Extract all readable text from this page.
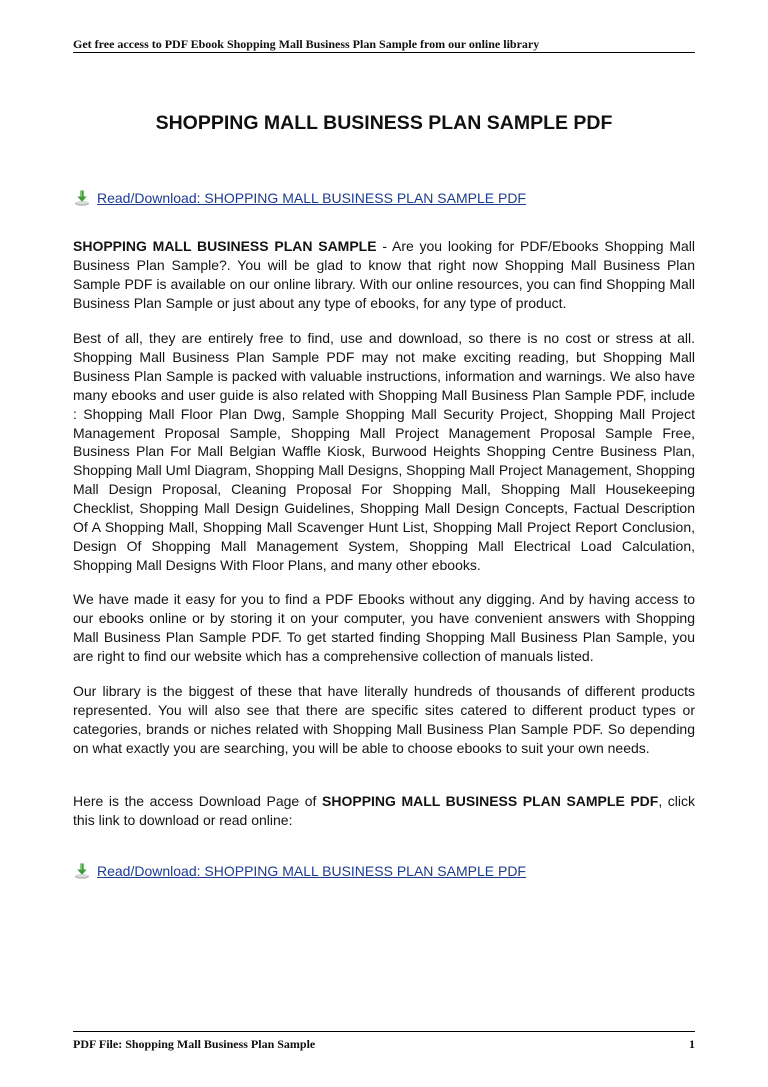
Get free access to PDF Ebook Shopping Mall Business Plan Sample from our online library
SHOPPING MALL BUSINESS PLAN SAMPLE PDF
Read/Download: SHOPPING MALL BUSINESS PLAN SAMPLE PDF

SHOPPING MALL BUSINESS PLAN SAMPLE - Are you looking for PDF/Ebooks Shopping Mall Business Plan Sample?. You will be glad to know that right now Shopping Mall Business Plan Sample PDF is available on our online library. With our online resources, you can find Shopping Mall Business Plan Sample or just about any type of ebooks, for any type of product.

Best of all, they are entirely free to find, use and download, so there is no cost or stress at all. Shopping Mall Business Plan Sample PDF may not make exciting reading, but Shopping Mall Business Plan Sample is packed with valuable instructions, information and warnings. We also have many ebooks and user guide is also related with Shopping Mall Business Plan Sample PDF, include : Shopping Mall Floor Plan Dwg, Sample Shopping Mall Security Project, Shopping Mall Project Management Proposal Sample, Shopping Mall Project Management Proposal Sample Free, Business Plan For Mall Belgian Waffle Kiosk, Burwood Heights Shopping Centre Business Plan, Shopping Mall Uml Diagram, Shopping Mall Designs, Shopping Mall Project Management, Shopping Mall Design Proposal, Cleaning Proposal For Shopping Mall, Shopping Mall Housekeeping Checklist, Shopping Mall Design Guidelines, Shopping Mall Design Concepts, Factual Description Of A Shopping Mall, Shopping Mall Scavenger Hunt List, Shopping Mall Project Report Conclusion, Design Of Shopping Mall Management System, Shopping Mall Electrical Load Calculation, Shopping Mall Designs With Floor Plans, and many other ebooks.

We have made it easy for you to find a PDF Ebooks without any digging. And by having access to our ebooks online or by storing it on your computer, you have convenient answers with Shopping Mall Business Plan Sample PDF. To get started finding Shopping Mall Business Plan Sample, you are right to find our website which has a comprehensive collection of manuals listed.

Our library is the biggest of these that have literally hundreds of thousands of different products represented. You will also see that there are specific sites catered to different product types or categories, brands or niches related with Shopping Mall Business Plan Sample PDF. So depending on what exactly you are searching, you will be able to choose ebooks to suit your own needs.

Here is the access Download Page of SHOPPING MALL BUSINESS PLAN SAMPLE PDF, click this link to download or read online:

Read/Download: SHOPPING MALL BUSINESS PLAN SAMPLE PDF
PDF File: Shopping Mall Business Plan Sample	1
